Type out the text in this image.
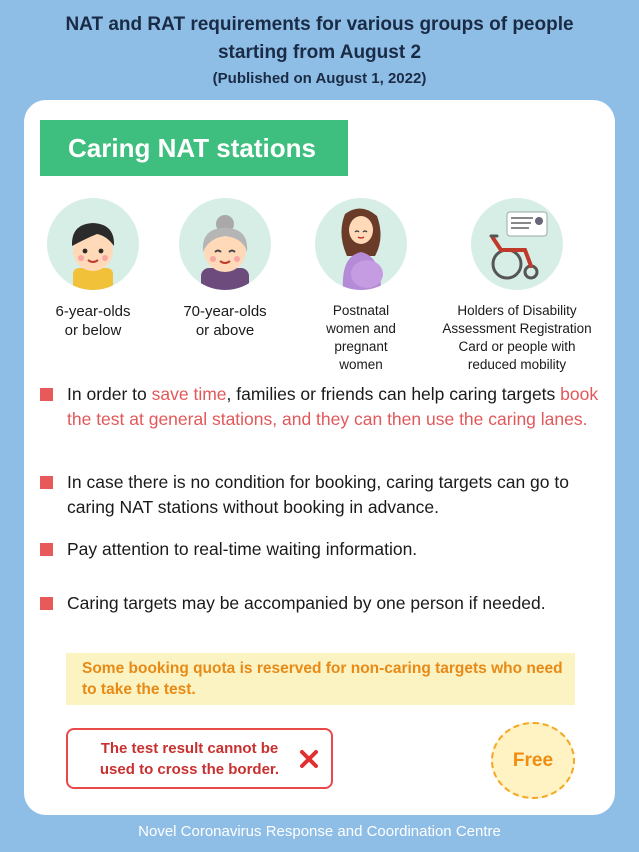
NAT and RAT requirements for various groups of people
starting from August 2
(Published on August 1, 2022)
Caring NAT stations
6-year-olds
or below
70-year-olds
or above
Postnatal
women and
pregnant
women
Holders of Disability
Assessment Registration
Card or people with
reduced mobility
In order to save time, families or friends can help caring targets book the test at general stations, and they can then use the caring lanes.
In case there is no condition for booking, caring targets can go to caring NAT stations without booking in advance.
Pay attention to real-time waiting information.
Caring targets may be accompanied by one person if needed.
Some booking quota is reserved for non-caring targets who need to take the test.
The test result cannot be used to cross the border.	Free
Novel Coronavirus Response and Coordination Centre
